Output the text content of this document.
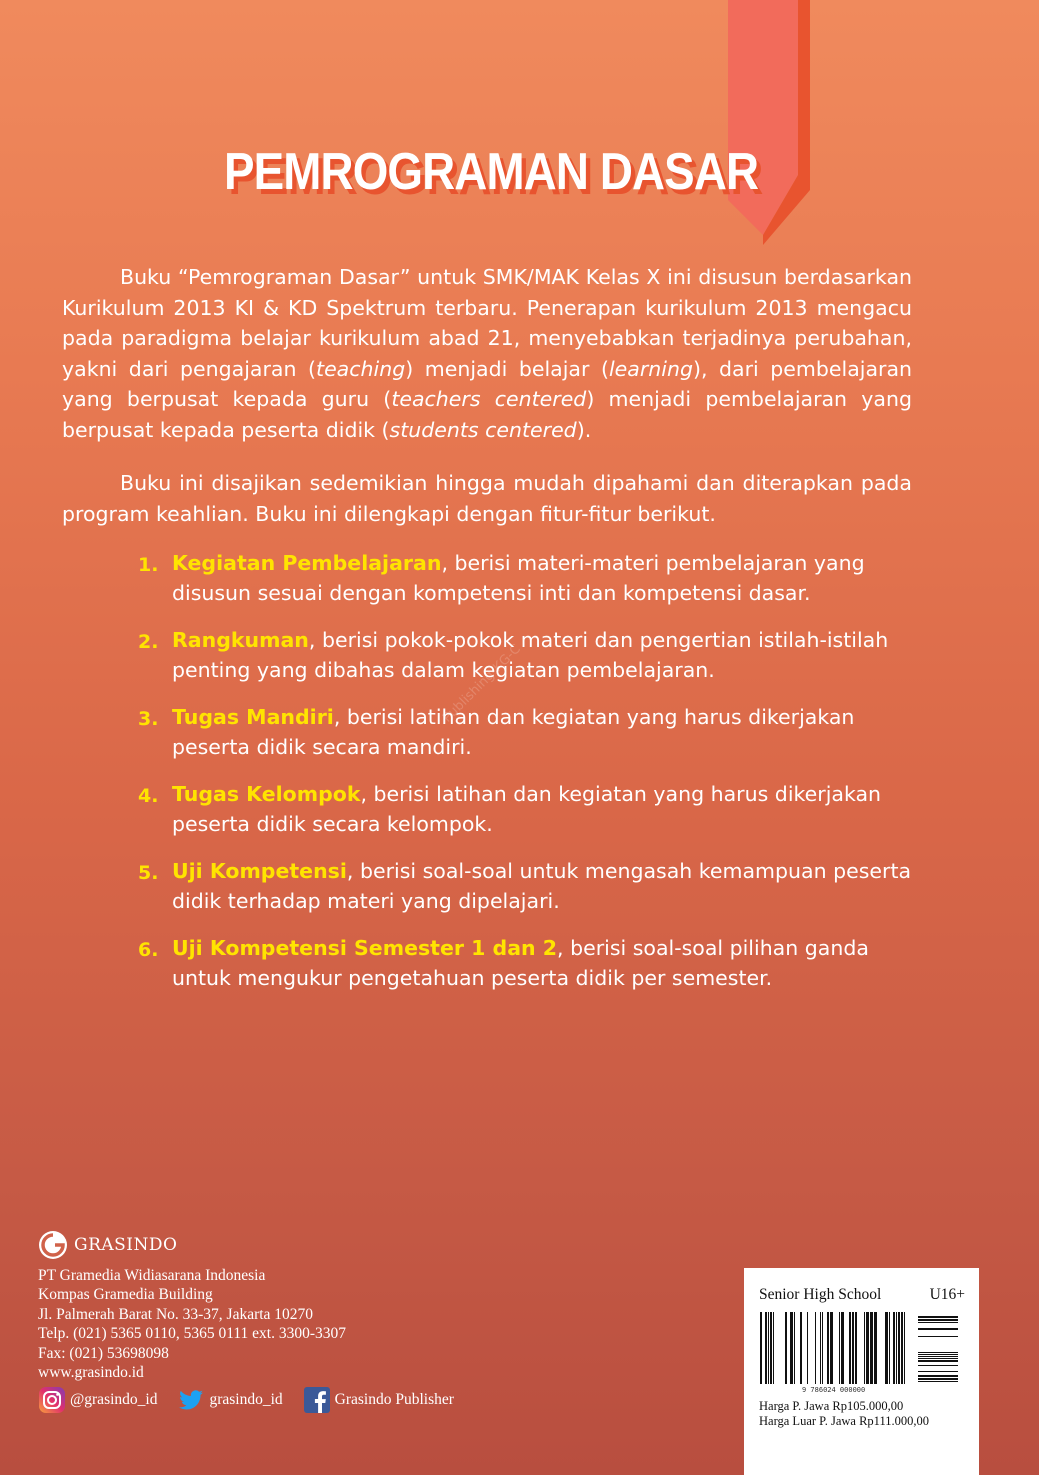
PEMROGRAMAN DASAR

Buku “Pemrograman Dasar” untuk SMK/MAK Kelas X ini disusun berdasarkan Kurikulum 2013 KI & KD Spektrum terbaru. Penerapan kurikulum 2013 mengacu pada paradigma belajar kurikulum abad 21, menyebabkan terjadinya perubahan, yakni dari pengajaran (teaching) menjadi belajar (learning), dari pembelajaran yang berpusat kepada guru (teachers centered) menjadi pembelajaran yang berpusat kepada peserta didik (students centered).

Buku ini disajikan sedemikian hingga mudah dipahami dan diterapkan pada program keahlian. Buku ini dilengkapi dengan fitur-fitur berikut.

1. Kegiatan Pembelajaran, berisi materi-materi pembelajaran yang disusun sesuai dengan kompetensi inti dan kompetensi dasar.
2. Rangkuman, berisi pokok-pokok materi dan pengertian istilah-istilah penting yang dibahas dalam kegiatan pembelajaran.
3. Tugas Mandiri, berisi latihan dan kegiatan yang harus dikerjakan peserta didik secara mandiri.
4. Tugas Kelompok, berisi latihan dan kegiatan yang harus dikerjakan peserta didik secara kelompok.
5. Uji Kompetensi, berisi soal-soal untuk mengasah kemampuan peserta didik terhadap materi yang dipelajari.
6. Uji Kompetensi Semester 1 dan 2, berisi soal-soal pilihan ganda untuk mengukur pengetahuan peserta didik per semester.
Publishing-KG-C
GRASINDO
PT Gramedia Widiasarana Indonesia
Kompas Gramedia Building
Jl. Palmerah Barat No. 33-37, Jakarta 10270
Telp. (021) 5365 0110, 5365 0111 ext. 3300-3307
Fax: (021) 53698098
www.grasindo.id
@grasindo_id	grasindo_id	Grasindo Publisher
Senior High School	U16+
9 786024 000000
Harga P. Jawa Rp105.000,00
Harga Luar P. Jawa Rp111.000,00
